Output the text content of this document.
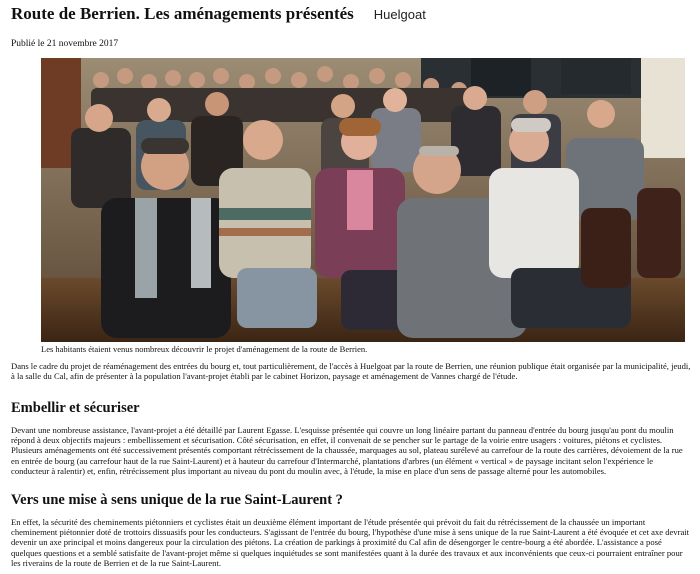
Route de Berrien. Les aménagements présentés Huelgoat
Publié le 21 novembre 2017
Les habitants étaient venus nombreux découvrir le projet d'aménagement de la route de Berrien.

Dans le cadre du projet de réaménagement des entrées du bourg et, tout particulièrement, de l'accès à Huelgoat par la route de Berrien, une réunion publique était organisée par la municipalité, jeudi, à la salle du Cal, afin de présenter à la population l'avant-projet établi par le cabinet Horizon, paysage et aménagement de Vannes chargé de l'étude.

Embellir et sécuriser

Devant une nombreuse assistance, l'avant-projet a été détaillé par Laurent Egasse. L'esquisse présentée qui couvre un long linéaire partant du panneau d'entrée du bourg jusqu'au pont du moulin répond à deux objectifs majeurs : embellissement et sécurisation. Côté sécurisation, en effet, il convenait de se pencher sur le partage de la voirie entre usagers : voitures, piétons et cyclistes. Plusieurs aménagements ont été successivement présentés comportant rétrécissement de la chaussée, marquages au sol, plateau surélevé au carrefour de la route des carrières, dévoiement de la rue en entrée de bourg (au carrefour haut de la rue Saint-Laurent) et à hauteur du carrefour d'Intermarché, plantations d'arbres (un élément « vertical » de paysage incitant selon l'expérience le conducteur à ralentir) et, enfin, rétrécissement plus important au niveau du pont du moulin avec, à l'étude, la mise en place d'un sens de passage alterné pour les automobiles.

Vers une mise à sens unique de la rue Saint-Laurent ?

En effet, la sécurité des cheminements piétonniers et cyclistes était un deuxième élément important de l'étude présentée qui prévoit du fait du rétrécissement de la chaussée un important cheminement piétonnier doté de trottoirs dissuasifs pour les conducteurs. S'agissant de l'entrée du bourg, l'hypothèse d'une mise à sens unique de la rue Saint-Laurent a été évoquée et cet axe devrait devenir un axe principal et moins dangereux pour la circulation des piétons. La création de parkings à proximité du Cal afin de désengorger le centre-bourg a été abordée. L'assistance a posé quelques questions et a semblé satisfaite de l'avant-projet même si quelques inquiétudes se sont manifestées quant à la durée des travaux et aux inconvénients que ceux-ci pourraient entraîner pour les riverains de la route de Berrien et de la rue Saint-Laurent.
